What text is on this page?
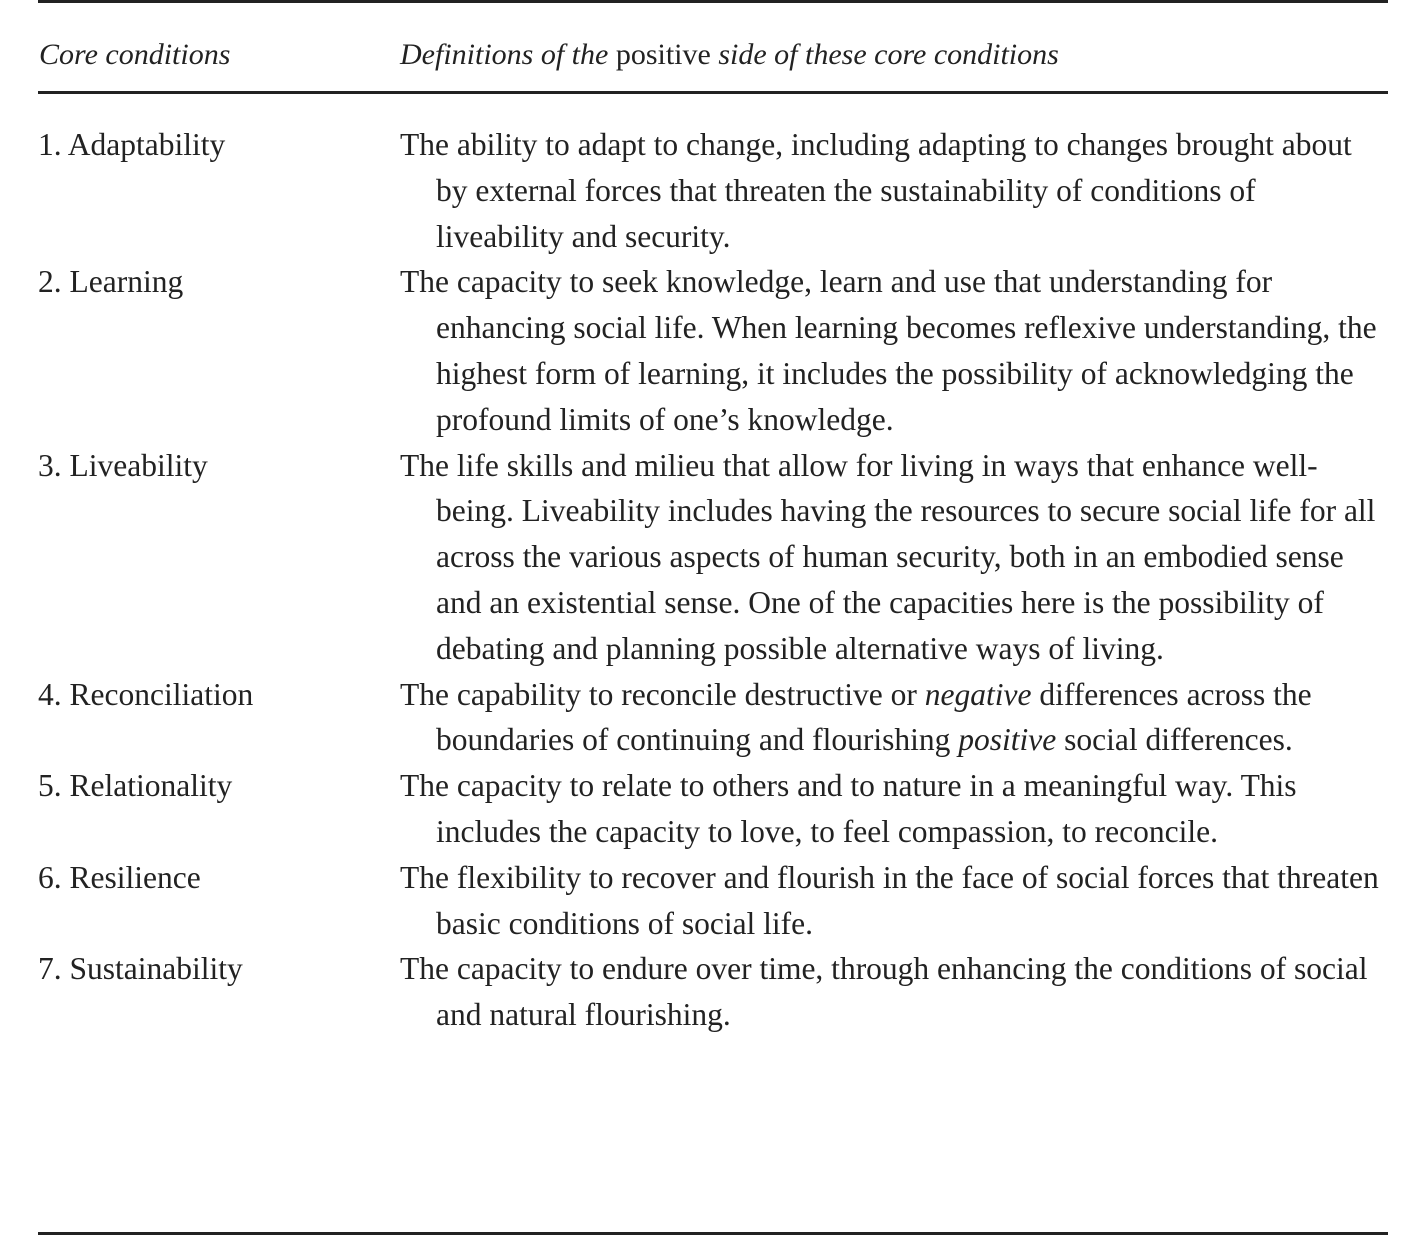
Core conditions	Definitions of the positive side of these core conditions
1. Adaptability	The ability to adapt to change, including adapting to changes brought about by external forces that threaten the sustainability of conditions of liveability and security.
2. Learning	The capacity to seek knowledge, learn and use that understanding for enhancing social life. When learning becomes reflexive understanding, the highest form of learning, it includes the possibility of acknowledging the profound limits of one’s knowledge.
3. Liveability	The life skills and milieu that allow for living in ways that enhance well-being. Liveability includes having the resources to secure social life for all across the various aspects of human security, both in an embodied sense and an existential sense. One of the capacities here is the possibility of debating and planning possible alternative ways of living.
4. Reconciliation	The capability to reconcile destructive or negative differences across the boundaries of continuing and flourishing positive social differences.
5. Relationality	The capacity to relate to others and to nature in a meaningful way. This includes the capacity to love, to feel compassion, to reconcile.
6. Resilience	The flexibility to recover and flourish in the face of social forces that threaten basic conditions of social life.
7. Sustainability	The capacity to endure over time, through enhancing the conditions of social and natural flourishing.
